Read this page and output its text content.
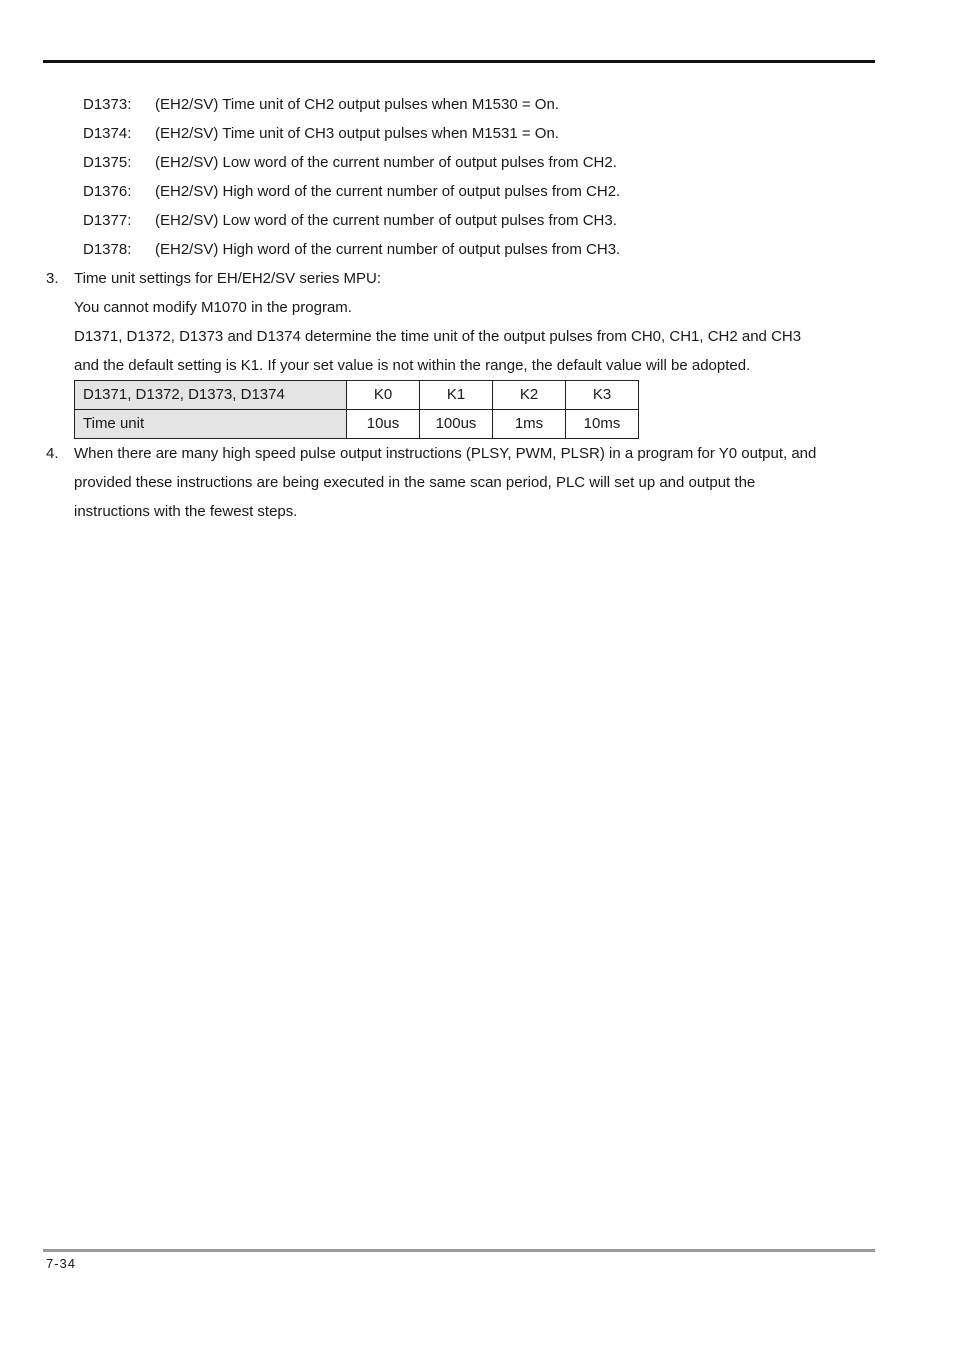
D1373: (EH2/SV) Time unit of CH2 output pulses when M1530 = On.
D1374: (EH2/SV) Time unit of CH3 output pulses when M1531 = On.
D1375: (EH2/SV) Low word of the current number of output pulses from CH2.
D1376: (EH2/SV) High word of the current number of output pulses from CH2.
D1377: (EH2/SV) Low word of the current number of output pulses from CH3.
D1378: (EH2/SV) High word of the current number of output pulses from CH3.
3. Time unit settings for EH/EH2/SV series MPU:
You cannot modify M1070 in the program.
D1371, D1372, D1373 and D1374 determine the time unit of the output pulses from CH0, CH1, CH2 and CH3
and the default setting is K1. If your set value is not within the range, the default value will be adopted.
D1371, D1372, D1373, D1374	K0	K1	K2	K3
Time unit	10us	100us	1ms	10ms
4. When there are many high speed pulse output instructions (PLSY, PWM, PLSR) in a program for Y0 output, and
provided these instructions are being executed in the same scan period, PLC will set up and output the
instructions with the fewest steps.
7-34
